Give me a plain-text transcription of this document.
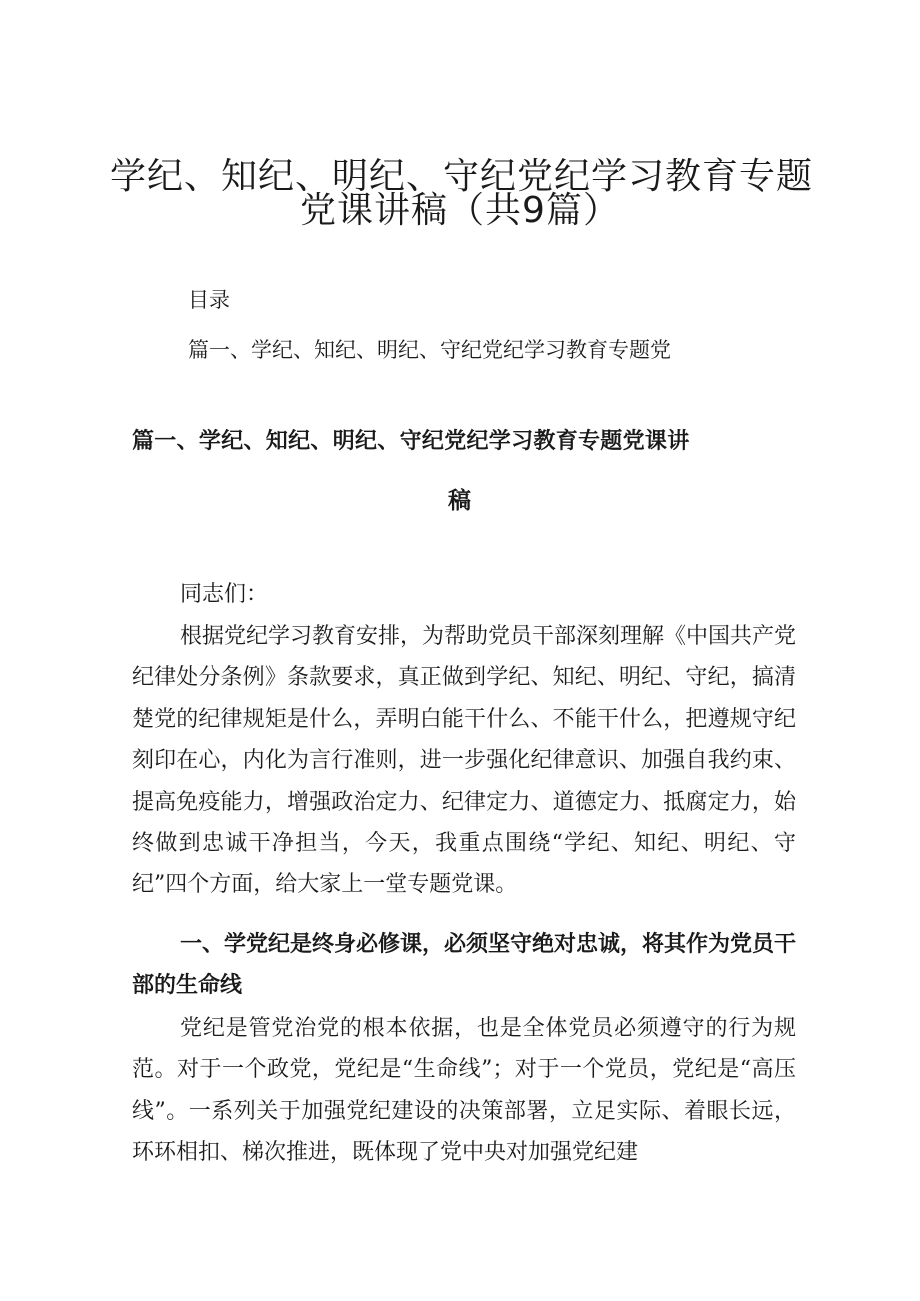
学纪、知纪、明纪、守纪党纪学习教育专题
党课讲稿（共9篇）
目录
篇一、学纪、知纪、明纪、守纪党纪学习教育专题党
篇一、学纪、知纪、明纪、守纪党纪学习教育专题党课讲
稿

同志们：

根据党纪学习教育安排，为帮助党员干部深刻理解《中国共产党纪律处分条例》条款要求，真正做到学纪、知纪、明纪、守纪，搞清楚党的纪律规矩是什么，弄明白能干什么、不能干什么，把遵规守纪刻印在心，内化为言行准则，进一步强化纪律意识、加强自我约束、提高免疫能力，增强政治定力、纪律定力、道德定力、抵腐定力，始终做到忠诚干净担当，今天，我重点围绕“学纪、知纪、明纪、守纪”四个方面，给大家上一堂专题党课。

一、学党纪是终身必修课，必须坚守绝对忠诚，将其作为党员干部的生命线

党纪是管党治党的根本依据，也是全体党员必须遵守的行为规范。对于一个政党，党纪是“生命线”；对于一个党员，党纪是“高压线”。一系列关于加强党纪建设的决策部署，立足实际、着眼长远，环环相扣、梯次推进，既体现了党中央对加强党纪建
